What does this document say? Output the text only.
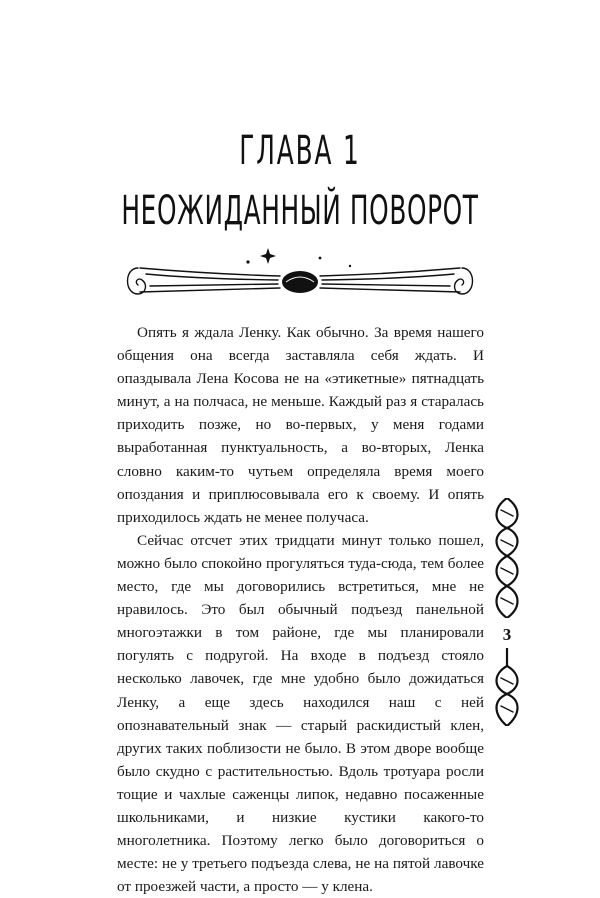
ГЛАВА 1
НЕОЖИДАННЫЙ ПОВОРОТ

Опять я ждала Ленку. Как обычно. За время нашего общения она всегда заставляла себя ждать. И опаздывала Лена Косова не на «этикетные» пятнадцать минут, а на полчаса, не меньше. Каждый раз я старалась приходить позже, но во-первых, у меня годами выработанная пунктуальность, а во-вторых, Ленка словно каким-то чутьем определяла время моего опоздания и приплюсовывала его к своему. И опять приходилось ждать не менее получаса.

Сейчас отсчет этих тридцати минут только пошел, можно было спокойно прогуляться туда-сюда, тем более место, где мы договорились встретиться, мне не нравилось. Это был обычный подъезд панельной многоэтажки в том районе, где мы планировали погулять с подругой. На входе в подъезд стояло несколько лавочек, где мне удобно было дожидаться Ленку, а еще здесь находился наш с ней опознавательный знак — старый раскидистый клен, других таких поблизости не было. В этом дворе вообще было скудно с растительностью. Вдоль тротуара росли тощие и чахлые саженцы липок, недавно посаженные школьниками, и низкие кустики какого-то многолетника. Поэтому легко было договориться о месте: не у третьего подъезда слева, не на пятой лавочке от проезжей части, а просто — у клена.

3
